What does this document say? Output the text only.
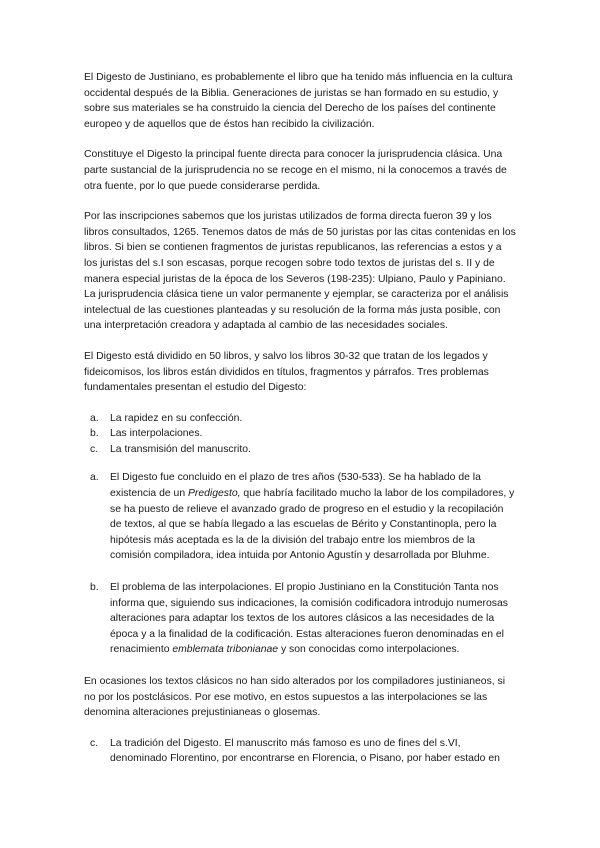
El Digesto de Justiniano, es probablemente el libro que ha tenido más influencia en la cultura occidental después de la Biblia. Generaciones de juristas se han formado en su estudio, y sobre sus materiales se ha construido la ciencia del Derecho de los países del continente europeo y de aquellos que de éstos han recibido la civilización.

Constituye el Digesto la principal fuente directa para conocer la jurisprudencia clásica. Una parte sustancial de la jurisprudencia no se recoge en el mismo, ni la conocemos a través de otra fuente, por lo que puede considerarse perdida.

Por las inscripciones sabemos que los juristas utilizados de forma directa fueron 39 y los libros consultados, 1265. Tenemos datos de más de 50 juristas por las citas contenidas en los libros. Si bien se contienen fragmentos de juristas republicanos, las referencias a estos y a los juristas del s.I son escasas, porque recogen sobre todo textos de juristas del s. II y de manera especial juristas de la época de los Severos (198-235): Ulpiano, Paulo y Papiniano. La jurisprudencia clásica tiene un valor permanente y ejemplar, se caracteriza por el análisis intelectual de las cuestiones planteadas y su resolución de la forma más justa posible, con una interpretación creadora y adaptada al cambio de las necesidades sociales.

El Digesto está dividido en 50 libros, y salvo los libros 30-32 que tratan de los legados y fideicomisos, los libros están divididos en títulos, fragmentos y párrafos. Tres problemas fundamentales presentan el estudio del Digesto:

a.	La rapidez en su confección.
b.	Las interpolaciones.
c.	La transmisión del manuscrito.
a.	El Digesto fue concluido en el plazo de tres años (530-533). Se ha hablado de la existencia de un Predigesto, que habría facilitado mucho la labor de los compiladores, y se ha puesto de relieve el avanzado grado de progreso en el estudio y la recopilación de textos, al que se había llegado a las escuelas de Bérito y Constantinopla, pero la hipótesis más aceptada es la de la división del trabajo entre los miembros de la comisión compiladora, idea intuida por Antonio Agustín y desarrollada por Bluhme.

b.	El problema de las interpolaciones. El propio Justiniano en la Constitución Tanta nos informa que, siguiendo sus indicaciones, la comisión codificadora introdujo numerosas alteraciones para adaptar los textos de los autores clásicos a las necesidades de la época y a la finalidad de la codificación. Estas alteraciones fueron denominadas en el renacimiento emblemata tribonianae y son conocidas como interpolaciones.

En ocasiones los textos clásicos no han sido alterados por los compiladores justinianeos, si no por los postclásicos. Por ese motivo, en estos supuestos a las interpolaciones se las denomina alteraciones prejustinianeas o glosemas.

c.	La tradición del Digesto. El manuscrito más famoso es uno de fines del s.VI, denominado Florentino, por encontrarse en Florencia, o Pisano, por haber estado en
